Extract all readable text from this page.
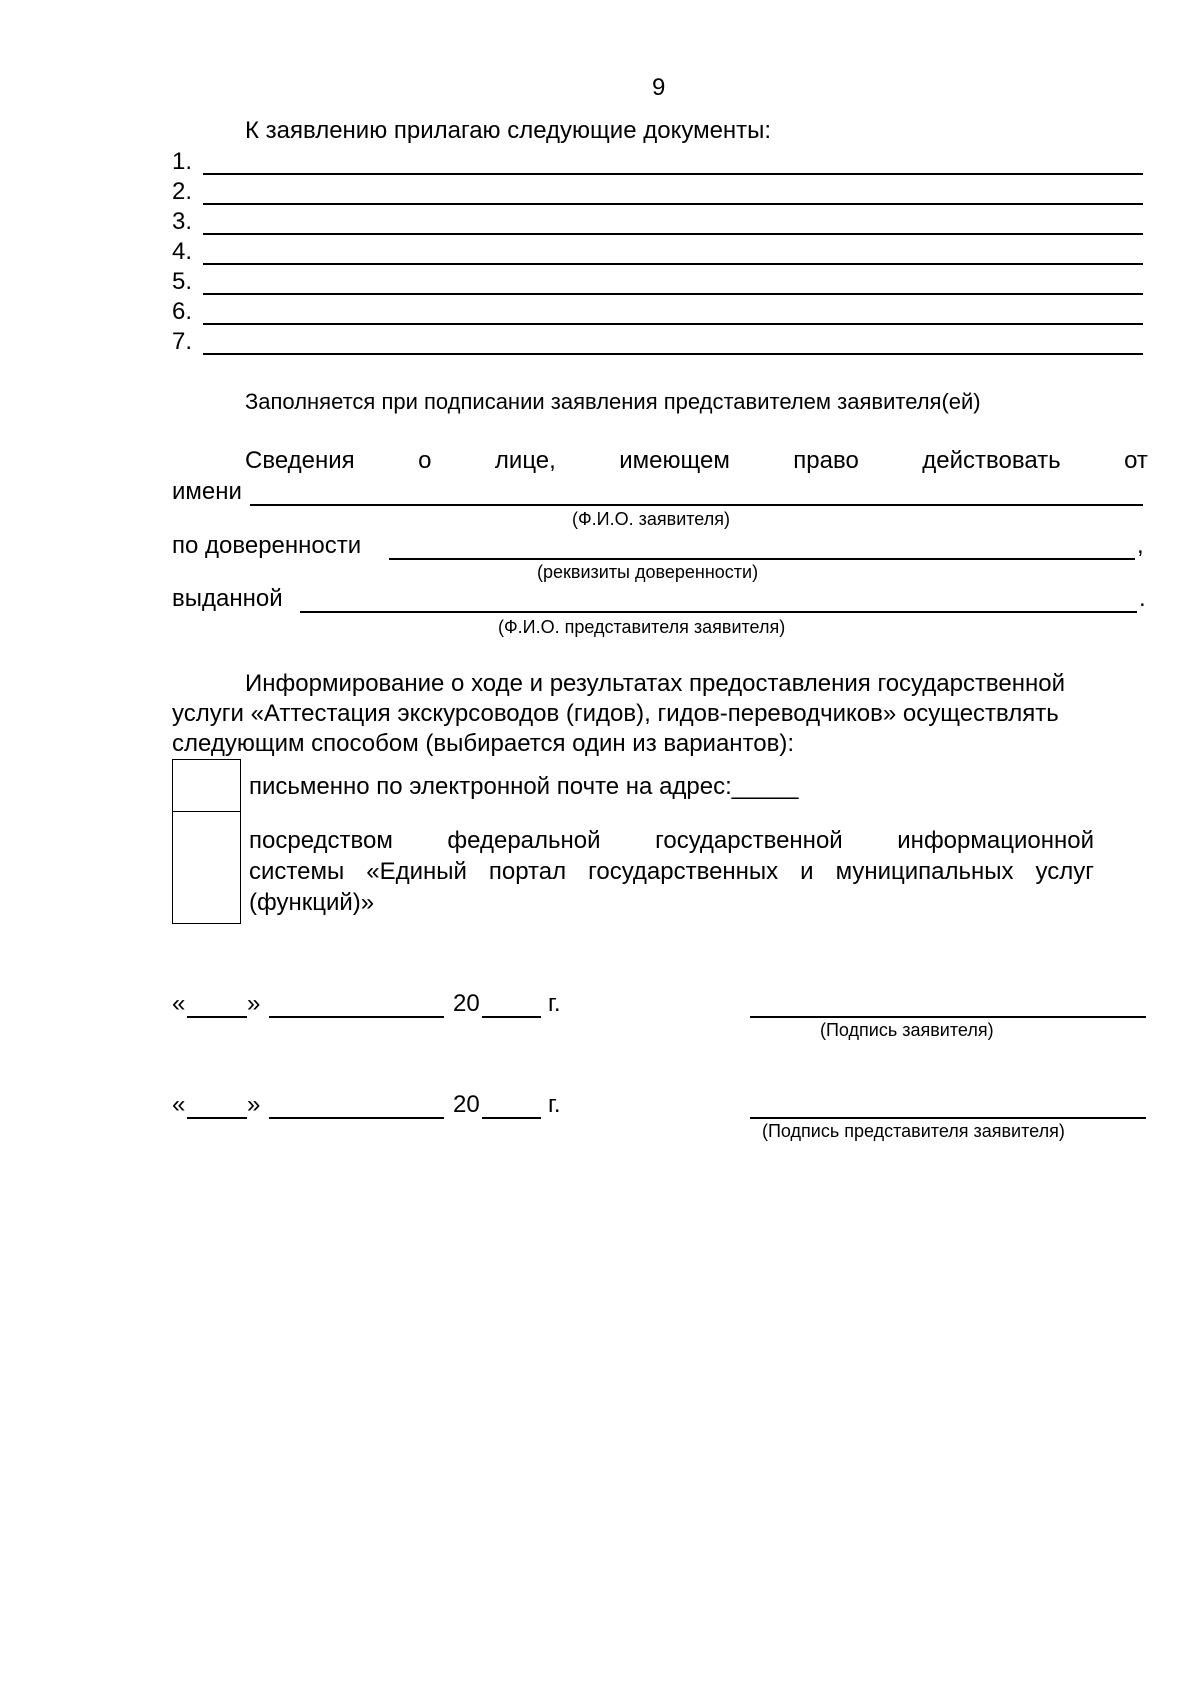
9
К заявлению прилагаю следующие документы:
1.
2.
3.
4.
5.
6.
7.
Заполняется при подписании заявления представителем заявителя(ей)
Сведения	о	лице,	имеющем	право	действовать	от
имени
(Ф.И.О. заявителя)
по доверенности	,
(реквизиты доверенности)
выданной	.
(Ф.И.О. представителя заявителя)
Информирование о ходе и результатах предоставления государственной
услуги «Аттестация экскурсоводов (гидов), гидов-переводчиков» осуществлять
следующим способом (выбирается один из вариантов):
письменно по электронной почте на адрес:_____
посредством федеральной государственной информационной
системы «Единый портал государственных и муниципальных услуг
(функций)»
«	»	20	г.
(Подпись заявителя)
«	»	20	г.
(Подпись представителя заявителя)
